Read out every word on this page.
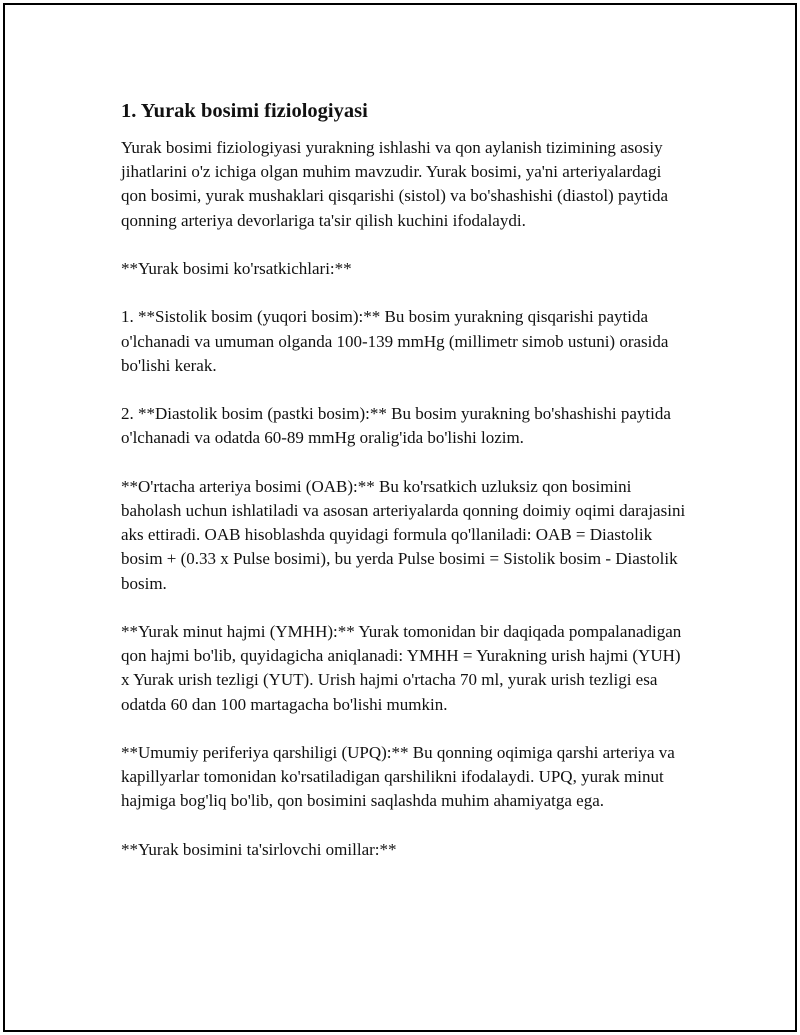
1. Yurak bosimi fiziologiyasi

Yurak bosimi fiziologiyasi yurakning ishlashi va qon aylanish tizimining asosiy jihatlarini o'z ichiga olgan muhim mavzudir. Yurak bosimi, ya'ni arteriyalardagi qon bosimi, yurak mushaklari qisqarishi (sistol) va bo'shashishi (diastol) paytida qonning arteriya devorlariga ta'sir qilish kuchini ifodalaydi.

**Yurak bosimi ko'rsatkichlari:**

1. **Sistolik bosim (yuqori bosim):** Bu bosim yurakning qisqarishi paytida o'lchanadi va umuman olganda 100-139 mmHg (millimetr simob ustuni) orasida bo'lishi kerak.

2. **Diastolik bosim (pastki bosim):** Bu bosim yurakning bo'shashishi paytida o'lchanadi va odatda 60-89 mmHg oralig'ida bo'lishi lozim.

**O'rtacha arteriya bosimi (OAB):** Bu ko'rsatkich uzluksiz qon bosimini baholash uchun ishlatiladi va asosan arteriyalarda qonning doimiy oqimi darajasini aks ettiradi. OAB hisoblashda quyidagi formula qo'llaniladi: OAB = Diastolik bosim + (0.33 x Pulse bosimi), bu yerda Pulse bosimi = Sistolik bosim - Diastolik bosim.

**Yurak minut hajmi (YMHH):** Yurak tomonidan bir daqiqada pompalanadigan qon hajmi bo'lib, quyidagicha aniqlanadi: YMHH = Yurakning urish hajmi (YUH) x Yurak urish tezligi (YUT). Urish hajmi o'rtacha 70 ml, yurak urish tezligi esa odatda 60 dan 100 martagacha bo'lishi mumkin.

**Umumiy periferiya qarshiligi (UPQ):** Bu qonning oqimiga qarshi arteriya va kapillyarlar tomonidan ko'rsatiladigan qarshilikni ifodalaydi. UPQ, yurak minut hajmiga bog'liq bo'lib, qon bosimini saqlashda muhim ahamiyatga ega.

**Yurak bosimini ta'sirlovchi omillar:**
